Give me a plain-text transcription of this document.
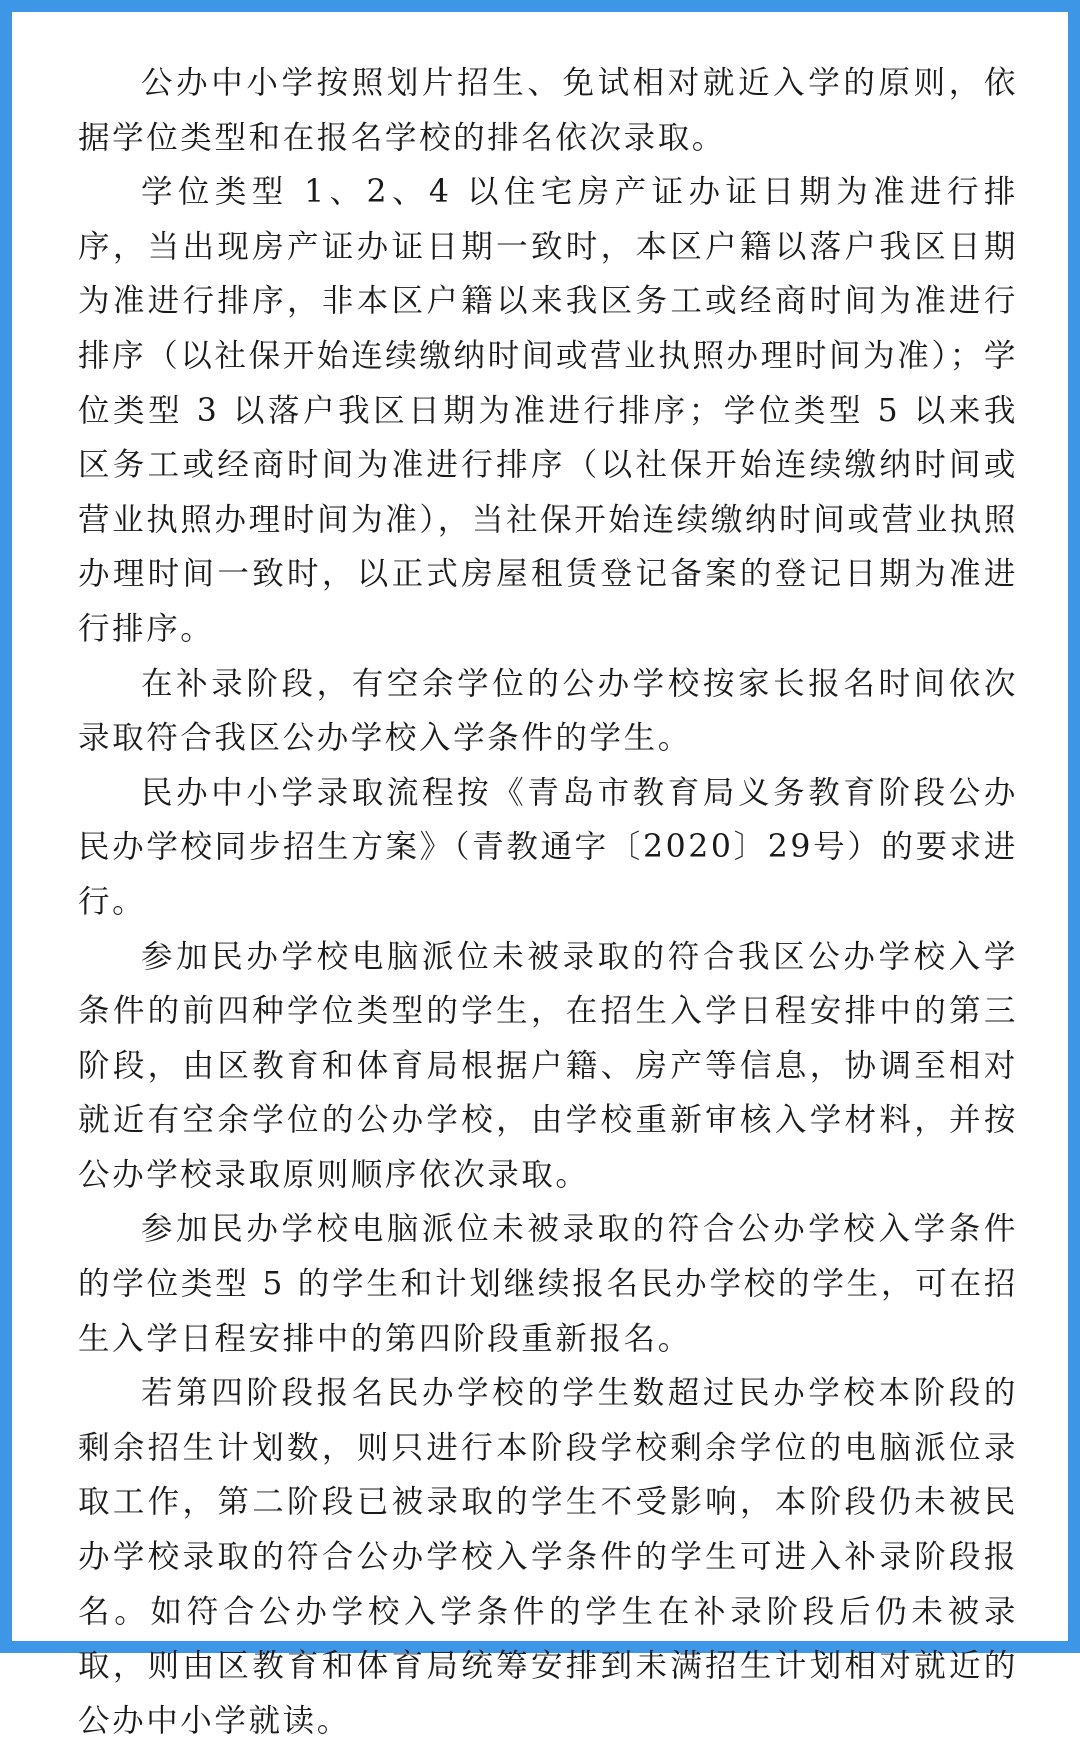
公办中小学按照划片招生、免试相对就近入学的原则，依据学位类型和在报名学校的排名依次录取。

学位类型 1、2、4 以住宅房产证办证日期为准进行排序，当出现房产证办证日期一致时，本区户籍以落户我区日期为准进行排序，非本区户籍以来我区务工或经商时间为准进行排序（以社保开始连续缴纳时间或营业执照办理时间为准）；学位类型 3 以落户我区日期为准进行排序；学位类型 5 以来我区务工或经商时间为准进行排序（以社保开始连续缴纳时间或营业执照办理时间为准），当社保开始连续缴纳时间或营业执照办理时间一致时，以正式房屋租赁登记备案的登记日期为准进行排序。

在补录阶段，有空余学位的公办学校按家长报名时间依次录取符合我区公办学校入学条件的学生。

民办中小学录取流程按《青岛市教育局义务教育阶段公办民办学校同步招生方案》（青教通字〔2020〕29号）的要求进行。

参加民办学校电脑派位未被录取的符合我区公办学校入学条件的前四种学位类型的学生，在招生入学日程安排中的第三阶段，由区教育和体育局根据户籍、房产等信息，协调至相对就近有空余学位的公办学校，由学校重新审核入学材料，并按公办学校录取原则顺序依次录取。

参加民办学校电脑派位未被录取的符合公办学校入学条件的学位类型 5 的学生和计划继续报名民办学校的学生，可在招生入学日程安排中的第四阶段重新报名。

若第四阶段报名民办学校的学生数超过民办学校本阶段的剩余招生计划数，则只进行本阶段学校剩余学位的电脑派位录取工作，第二阶段已被录取的学生不受影响，本阶段仍未被民办学校录取的符合公办学校入学条件的学生可进入补录阶段报名。如符合公办学校入学条件的学生在补录阶段后仍未被录取，则由区教育和体育局统筹安排到未满招生计划相对就近的公办中小学就读。
